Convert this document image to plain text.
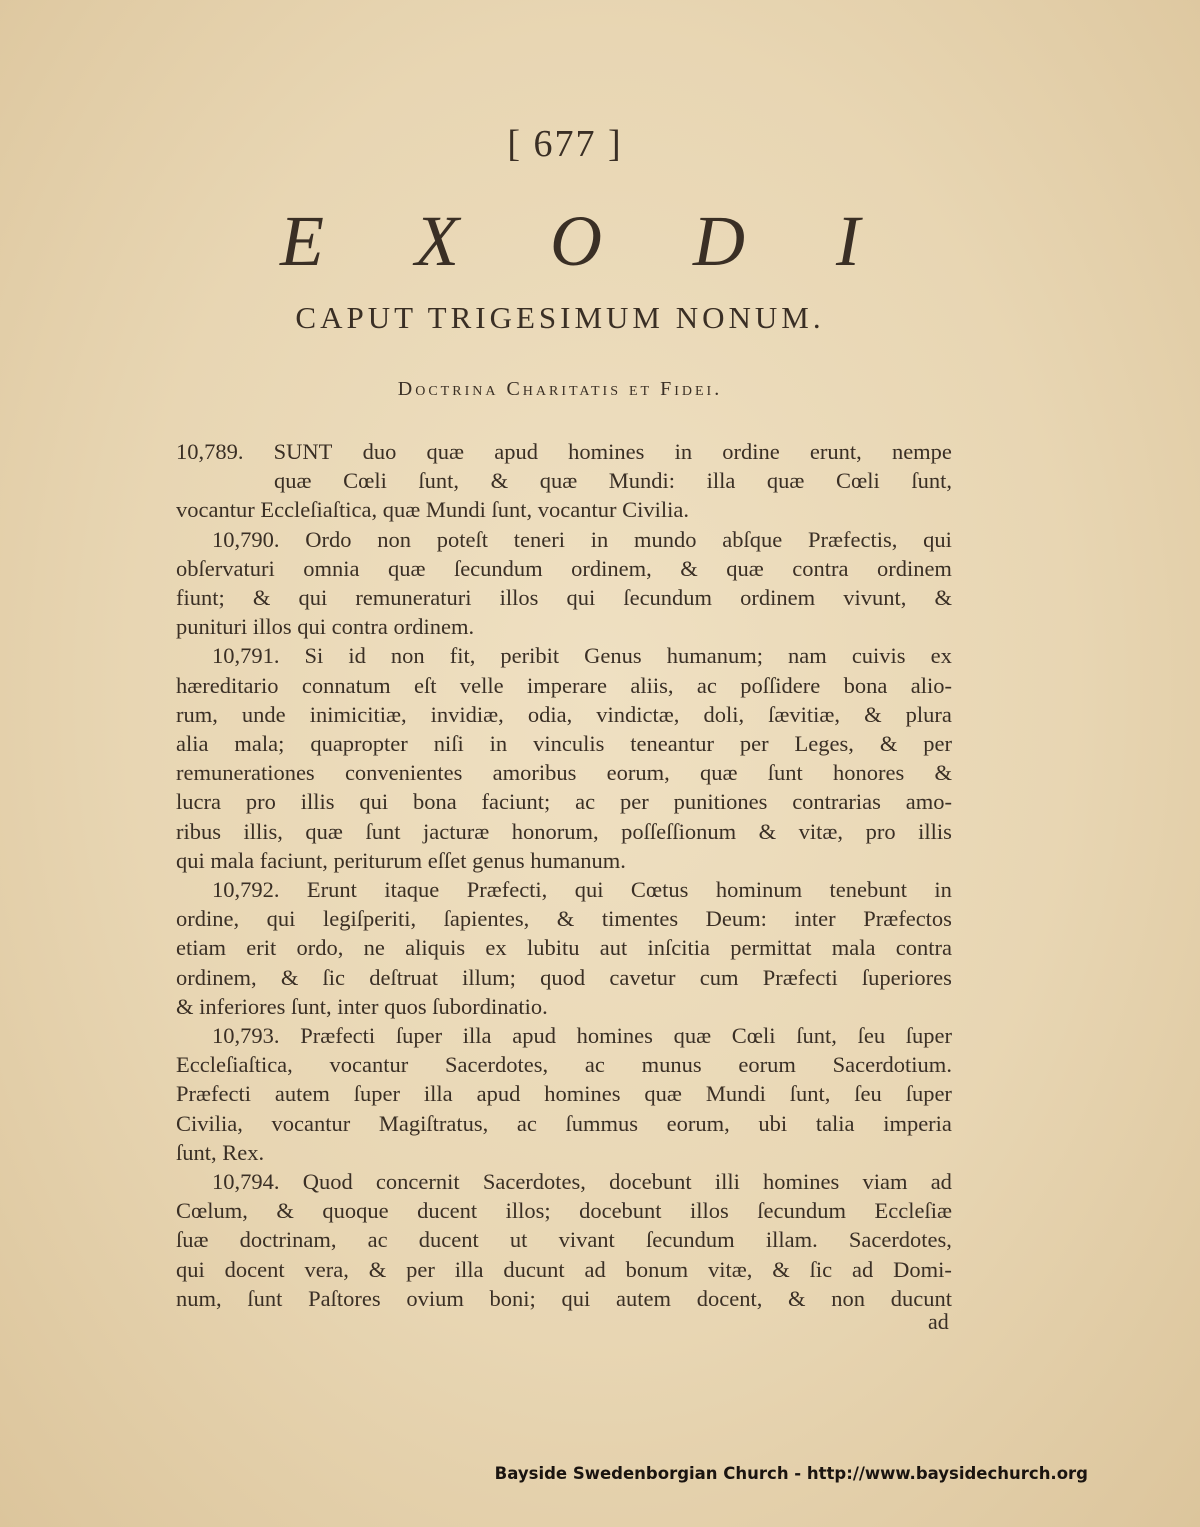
[ 677 ]
E X O D I
CAPUT TRIGESIMUM NONUM.
Doctrina Charitatis et Fidei.
10,789. SUNT duo quæ apud homines in ordine erunt, nempe
quæ Cœli ſunt, & quæ Mundi: illa quæ Cœli ſunt,
vocantur Eccleſiaſtica, quæ Mundi ſunt, vocantur Civilia.
10,790. Ordo non poteſt teneri in mundo abſque Præfectis, qui
obſervaturi omnia quæ ſecundum ordinem, & quæ contra ordinem
fiunt; & qui remuneraturi illos qui ſecundum ordinem vivunt, &
punituri illos qui contra ordinem.
10,791. Si id non fit, peribit Genus humanum; nam cuivis ex
hæreditario connatum eſt velle imperare aliis, ac poſſidere bona alio-
rum, unde inimicitiæ, invidiæ, odia, vindictæ, doli, ſævitiæ, & plura
alia mala; quapropter niſi in vinculis teneantur per Leges, & per
remunerationes convenientes amoribus eorum, quæ ſunt honores &
lucra pro illis qui bona faciunt; ac per punitiones contrarias amo-
ribus illis, quæ ſunt jacturæ honorum, poſſeſſionum & vitæ, pro illis
qui mala faciunt, periturum eſſet genus humanum.
10,792. Erunt itaque Præfecti, qui Cœtus hominum tenebunt in
ordine, qui legiſperiti, ſapientes, & timentes Deum: inter Præfectos
etiam erit ordo, ne aliquis ex lubitu aut inſcitia permittat mala contra
ordinem, & ſic deſtruat illum; quod cavetur cum Præfecti ſuperiores
& inferiores ſunt, inter quos ſubordinatio.
10,793. Præfecti ſuper illa apud homines quæ Cœli ſunt, ſeu ſuper
Eccleſiaſtica, vocantur Sacerdotes, ac munus eorum Sacerdotium.
Præfecti autem ſuper illa apud homines quæ Mundi ſunt, ſeu ſuper
Civilia, vocantur Magiſtratus, ac ſummus eorum, ubi talia imperia
ſunt, Rex.
10,794. Quod concernit Sacerdotes, docebunt illi homines viam ad
Cœlum, & quoque ducent illos; docebunt illos ſecundum Eccleſiæ
ſuæ doctrinam, ac ducent ut vivant ſecundum illam. Sacerdotes,
qui docent vera, & per illa ducunt ad bonum vitæ, & ſic ad Domi-
num, ſunt Paſtores ovium boni; qui autem docent, & non ducunt
ad
Bayside Swedenborgian Church - http://www.baysidechurch.org
